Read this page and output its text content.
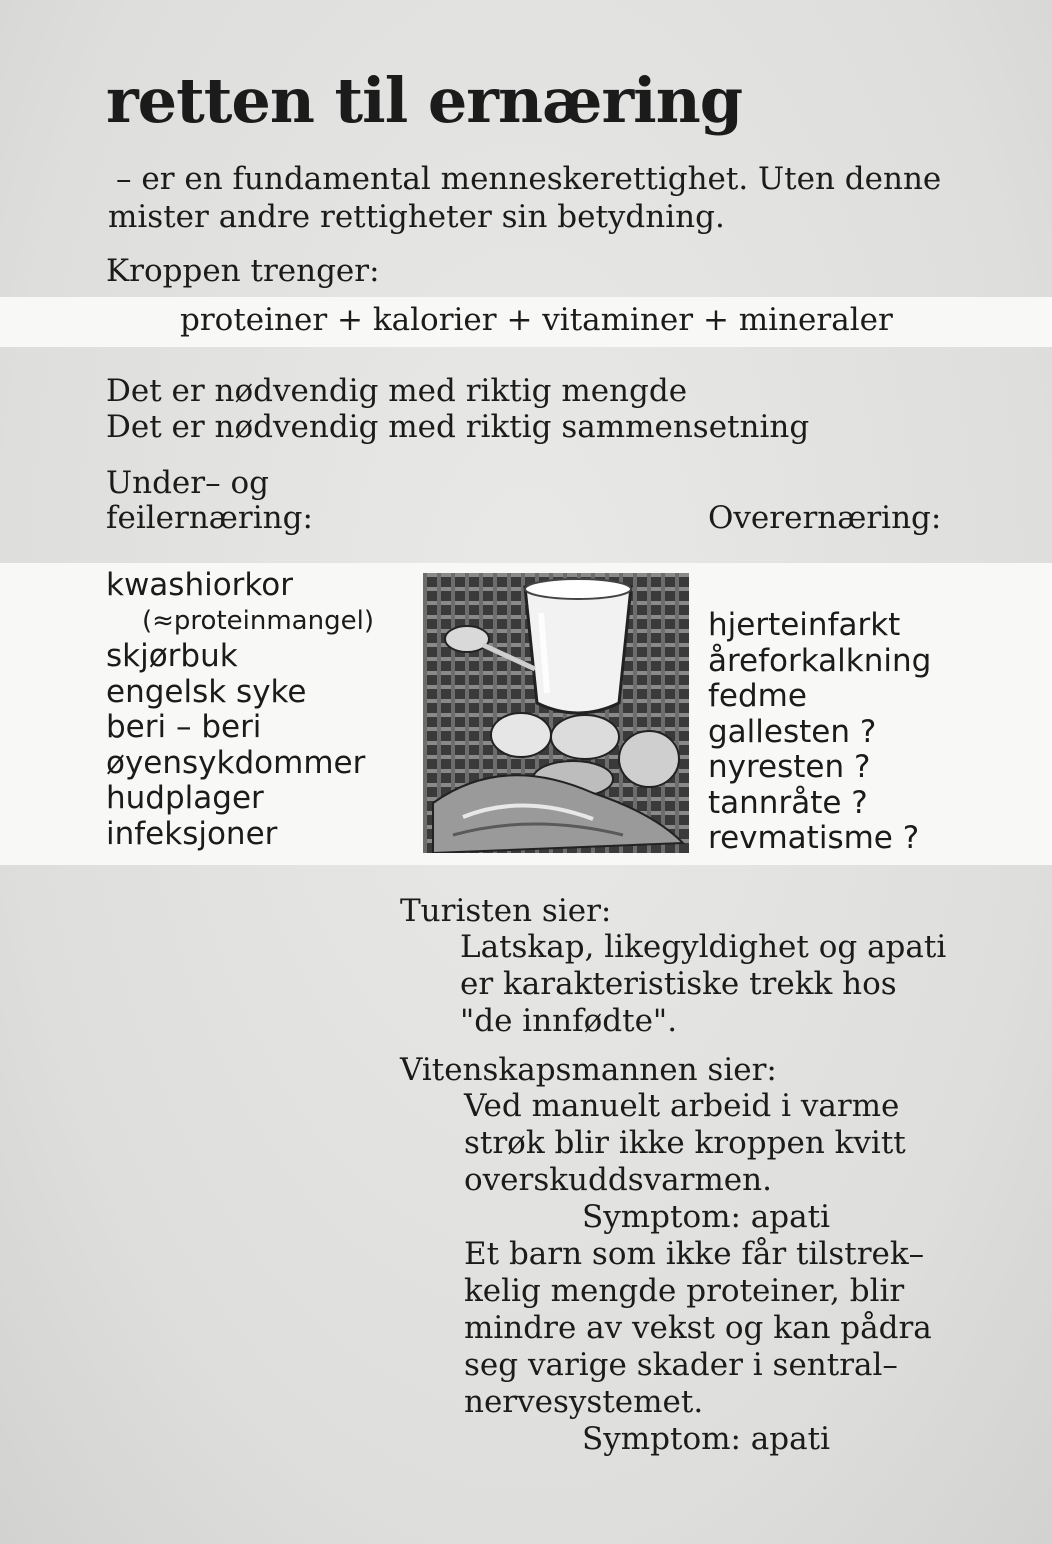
retten til ernæring
– er en fundamental menneskerettighet. Uten denne
mister andre rettigheter sin betydning.
Kroppen trenger:
proteiner + kalorier + vitaminer + mineraler
Det er nødvendig med riktig mengde
Det er nødvendig med riktig sammensetning
Under– og
feilernæring:	Overernæring:
kwashiorkor
(≈proteinmangel)
skjørbuk
engelsk syke
beri – beri
øyensykdommer
hudplager
infeksjoner
hjerteinfarkt
åreforkalkning
fedme
gallesten ?
nyresten ?
tannråte ?
revmatisme ?
Turisten sier:
Latskap, likegyldighet og apati
er karakteristiske trekk hos
"de innfødte".
Vitenskapsmannen sier:
Ved manuelt arbeid i varme
strøk blir ikke kroppen kvitt
overskuddsvarmen.
Symptom: apati
Et barn som ikke får tilstrek–
kelig mengde proteiner, blir
mindre av vekst og kan pådra
seg varige skader i sentral–
nervesystemet.
Symptom: apati
